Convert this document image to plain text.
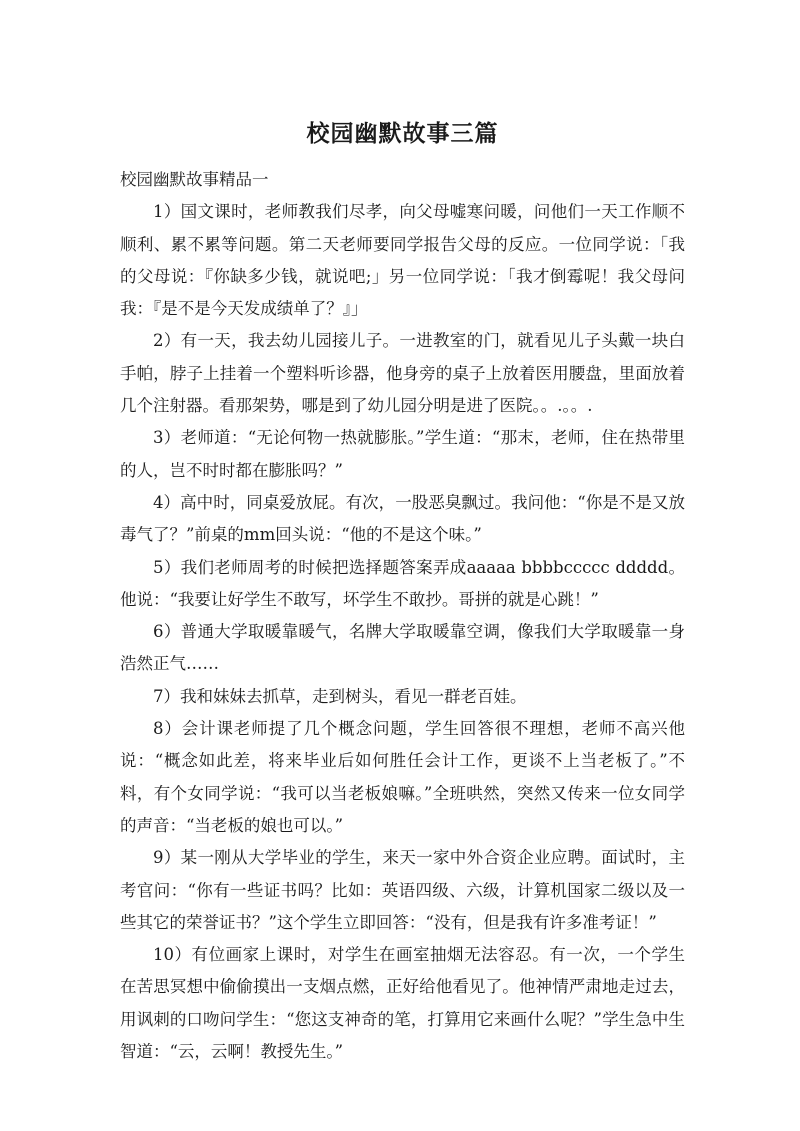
校园幽默故事三篇

校园幽默故事精品一

1）国文课时，老师教我们尽孝，向父母嘘寒问暖，问他们一天工作顺不顺利、累不累等问题。第二天老师要同学报告父母的反应。一位同学说：「我的父母说：『你缺多少钱，就说吧;」另一位同学说：「我才倒霉呢！我父母问我：『是不是今天发成绩单了？』」

2）有一天，我去幼儿园接儿子。一进教室的门，就看见儿子头戴一块白手帕，脖子上挂着一个塑料听诊器，他身旁的桌子上放着医用腰盘，里面放着几个注射器。看那架势，哪是到了幼儿园分明是进了医院。。.。。.

3）老师道：“无论何物一热就膨胀。”学生道：“那末，老师，住在热带里的人，岂不时时都在膨胀吗？”

4）高中时，同桌爱放屁。有次，一股恶臭飘过。我问他：“你是不是又放毒气了？”前桌的mm回头说：“他的不是这个味。”

5）我们老师周考的时候把选择题答案弄成aaaaa bbbbccccc ddddd。他说：“我要让好学生不敢写，坏学生不敢抄。哥拼的就是心跳！”

6）普通大学取暖靠暖气，名牌大学取暖靠空调，像我们大学取暖靠一身浩然正气……

7）我和妹妹去抓草，走到树头，看见一群老百娃。

8）会计课老师提了几个概念问题，学生回答很不理想，老师不高兴他说：“概念如此差，将来毕业后如何胜任会计工作，更谈不上当老板了。”不料，有个女同学说：“我可以当老板娘嘛。”全班哄然，突然又传来一位女同学的声音：“当老板的娘也可以。”

9）某一刚从大学毕业的学生，来天一家中外合资企业应聘。面试时，主考官问：“你有一些证书吗？比如：英语四级、六级，计算机国家二级以及一些其它的荣誉证书？”这个学生立即回答：“没有，但是我有许多准考证！”

10）有位画家上课时，对学生在画室抽烟无法容忍。有一次，一个学生在苦思冥想中偷偷摸出一支烟点燃，正好给他看见了。他神情严肃地走过去，用讽刺的口吻问学生：“您这支神奇的笔，打算用它来画什么呢？”学生急中生智道：“云，云啊！教授先生。”
